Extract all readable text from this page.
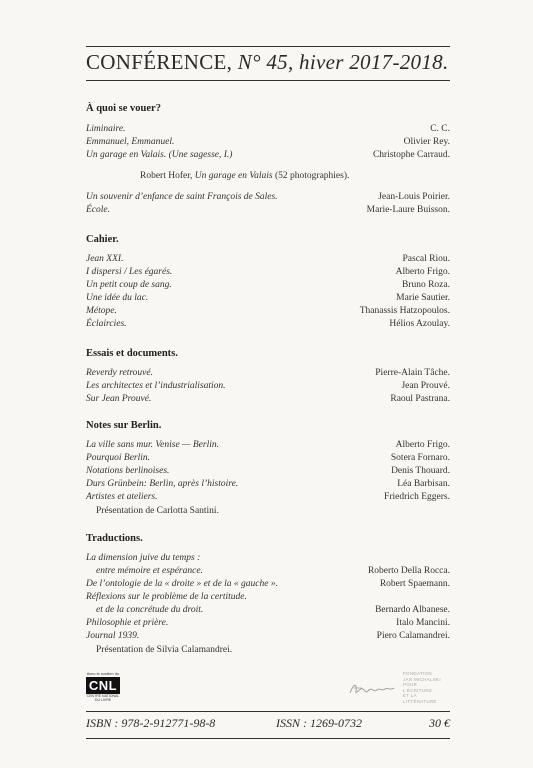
CONFÉRENCE, N° 45, hiver 2017-2018.
À quoi se vouer?
Liminaire.	C. C.
Emmanuel, Emmanuel.	Olivier Rey.
Un garage en Valais. (Une sagesse, I.)	Christophe Carraud.
Robert Hofer, Un garage en Valais (52 photographies).
Un souvenir d’enfance de saint François de Sales.	Jean-Louis Poirier.
École.	Marie-Laure Buisson.
Cahier.
Jean XXI.	Pascal Riou.
I dispersi / Les égarés.	Alberto Frigo.
Un petit coup de sang.	Bruno Roza.
Une idée du lac.	Marie Sautier.
Métope.	Thanassis Hatzopoulos.
Éclaircies.	Hélios Azoulay.
Essais et documents.
Reverdy retrouvé.	Pierre-Alain Tâche.
Les architectes et l’industrialisation.	Jean Prouvé.
Sur Jean Prouvé.	Raoul Pastrana.
Notes sur Berlin.
La ville sans mur. Venise — Berlin.	Alberto Frigo.
Pourquoi Berlin.	Sotera Fornaro.
Notations berlinoises.	Denis Thouard.
Durs Grünbein: Berlin, après l’histoire.	Léa Barbisan.
Artistes et ateliers.	Friedrich Eggers.
Présentation de Carlotta Santini.
Traductions.
La dimension juive du temps :
entre mémoire et espérance.	Roberto Della Rocca.
De l’ontologie de la « droite » et de la « gauche ».	Robert Spaemann.
Réflexions sur le problème de la certitude.
et de la concrétude du droit.	Bernardo Albanese.
Philosophie et prière.	Italo Mancini.
Journal 1939.	Piero Calamandrei.
Présentation de Silvia Calamandrei.
Avec le soutien du
CNL
CENTRE NATIONAL DU LIVRE
FONDATION
JAN MICHALSKI
POUR
L’ÉCRITURE
ET LA
LITTÉRATURE
ISBN : 978-2-912771-98-8	ISSN : 1269-0732	30 €
